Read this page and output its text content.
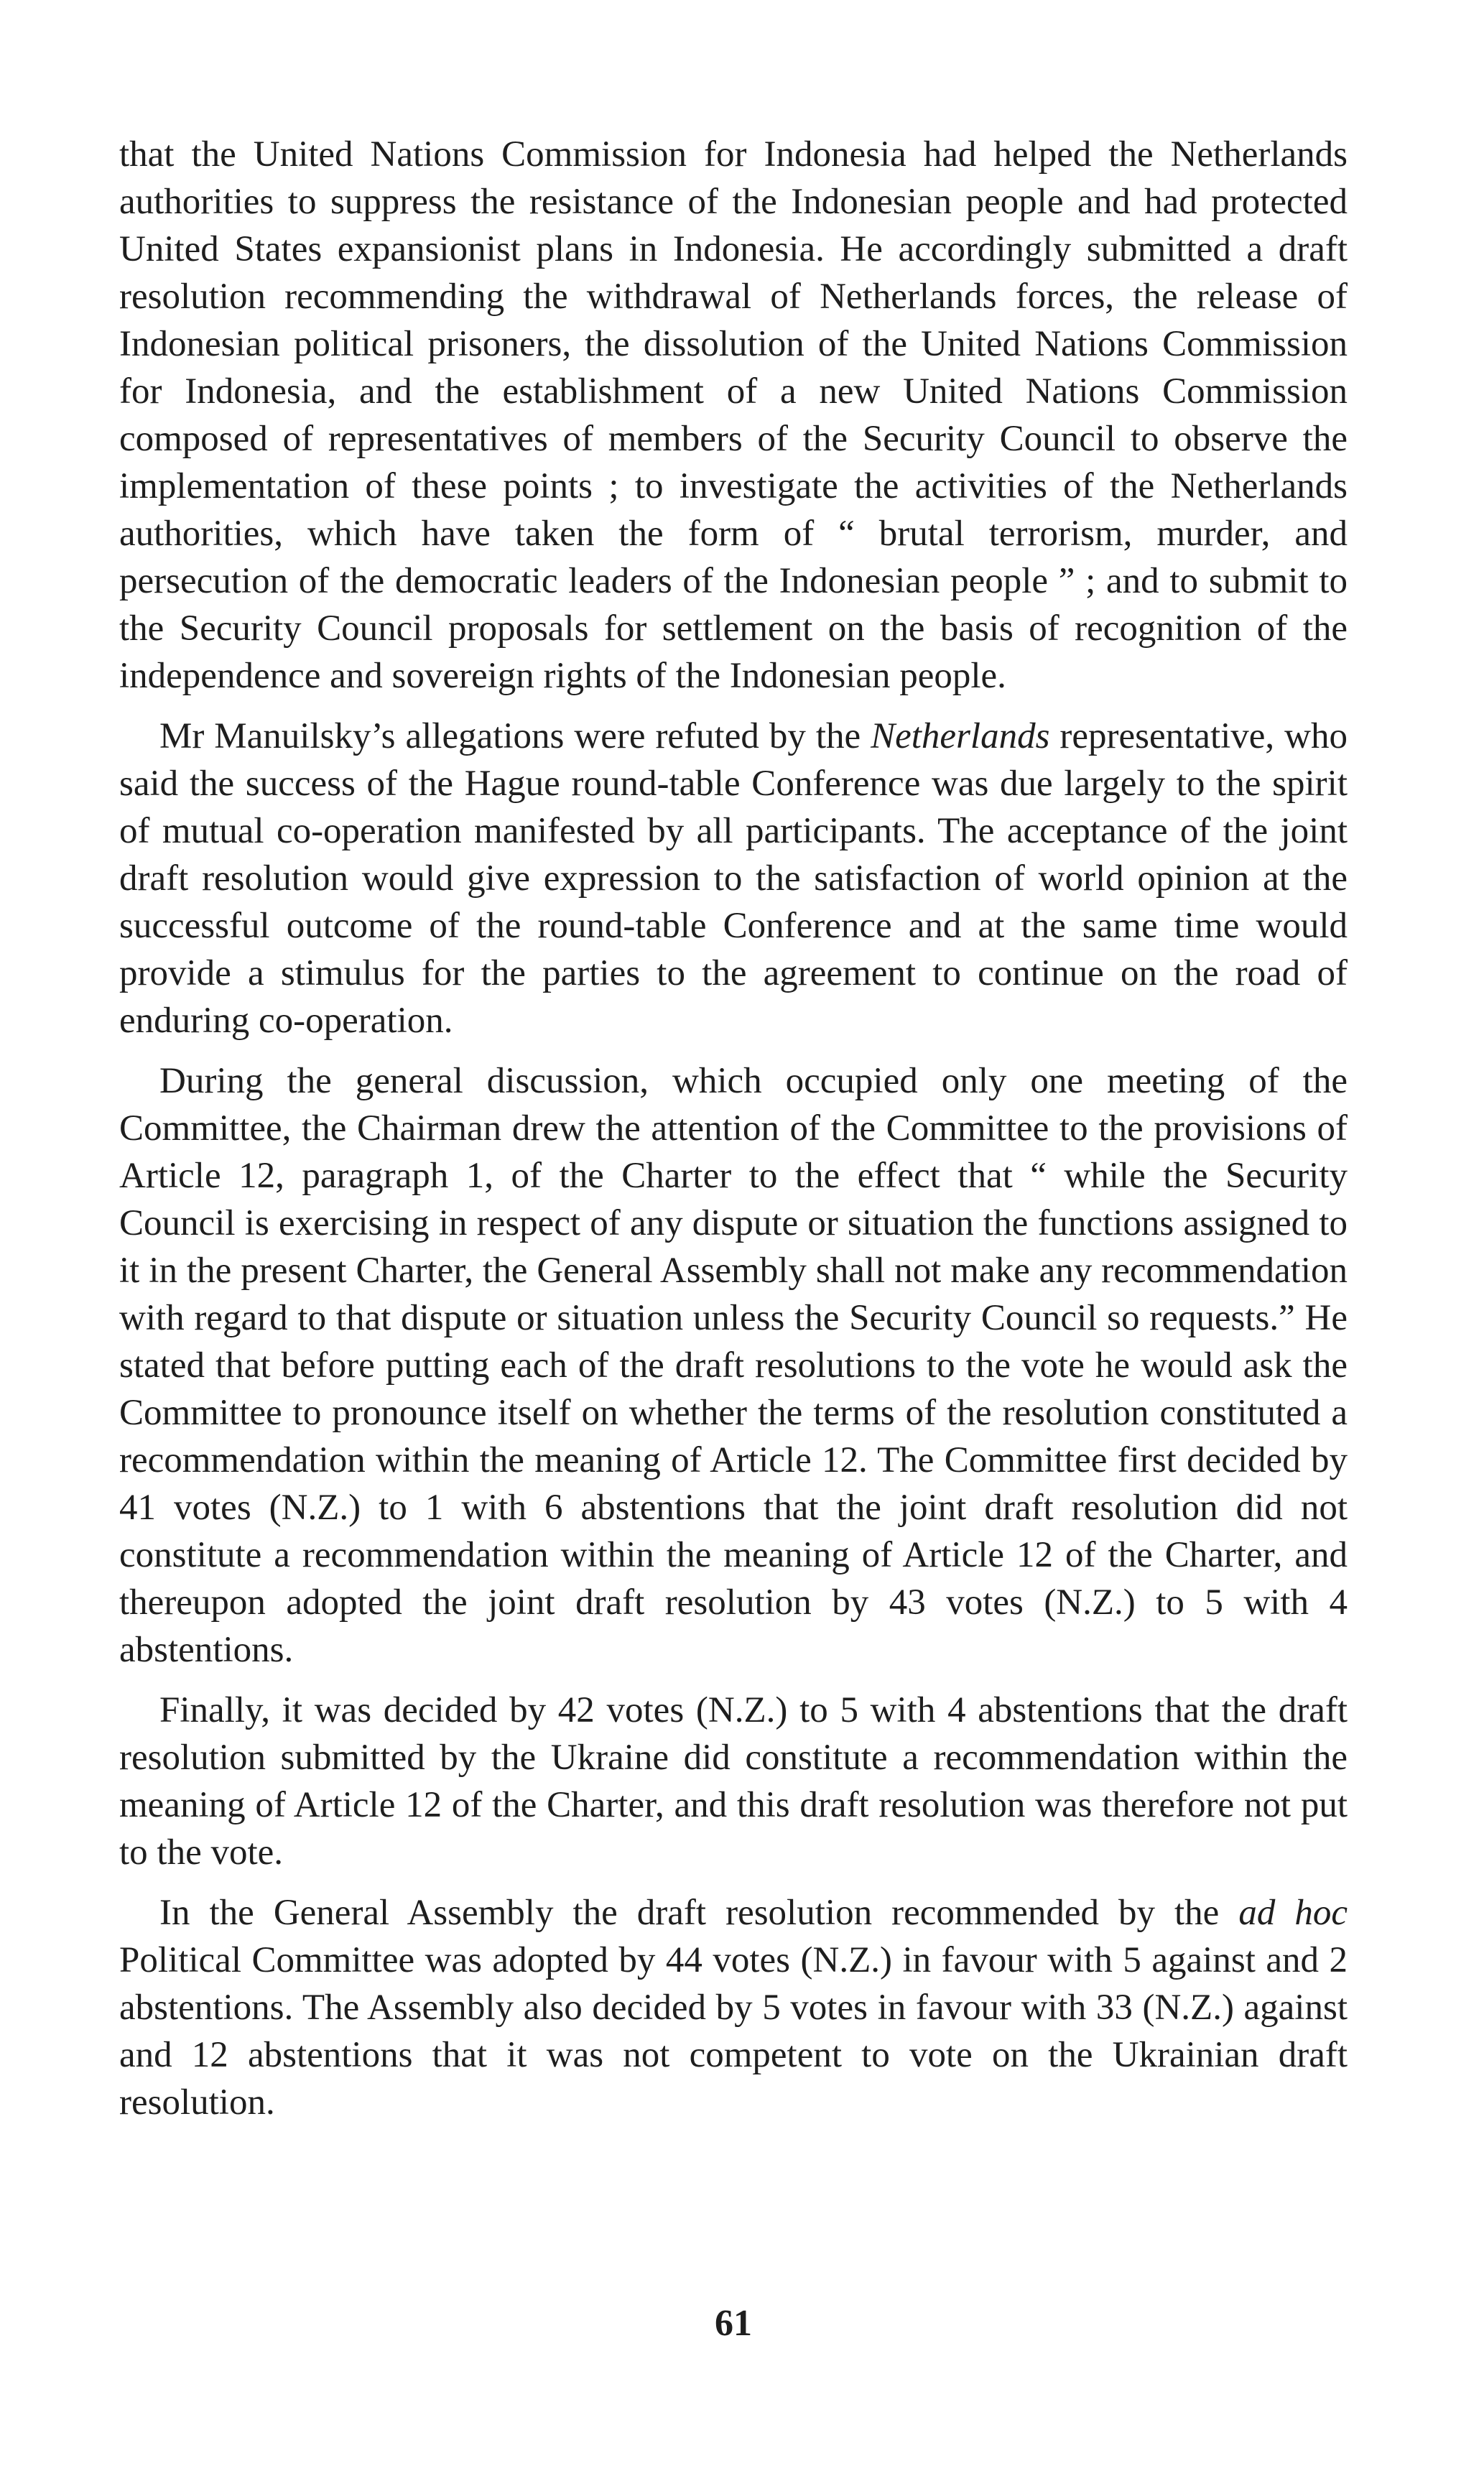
that the United Nations Commission for Indonesia had helped the Netherlands authorities to suppress the resistance of the Indonesian people and had protected United States expansionist plans in Indonesia. He accordingly submitted a draft resolution recommending the withdrawal of Netherlands forces, the release of Indonesian political prisoners, the dissolution of the United Nations Commission for Indonesia, and the establishment of a new United Nations Commission composed of representatives of members of the Security Council to observe the implementation of these points ; to investigate the activities of the Netherlands authorities, which have taken the form of “ brutal terrorism, murder, and persecution of the democratic leaders of the Indonesian people ” ; and to submit to the Security Council proposals for settlement on the basis of recognition of the independence and sovereign rights of the Indonesian people.

Mr Manuilsky’s allegations were refuted by the Netherlands representative, who said the success of the Hague round-table Conference was due largely to the spirit of mutual co-operation manifested by all participants. The acceptance of the joint draft resolution would give expression to the satisfaction of world opinion at the successful outcome of the round-table Conference and at the same time would provide a stimulus for the parties to the agreement to continue on the road of enduring co-operation.

During the general discussion, which occupied only one meeting of the Committee, the Chairman drew the attention of the Committee to the provisions of Article 12, paragraph 1, of the Charter to the effect that “ while the Security Council is exercising in respect of any dispute or situation the functions assigned to it in the present Charter, the General Assembly shall not make any recommendation with regard to that dispute or situation unless the Security Council so requests.” He stated that before putting each of the draft resolutions to the vote he would ask the Committee to pronounce itself on whether the terms of the resolution constituted a recommendation within the meaning of Article 12. The Committee first decided by 41 votes (N.Z.) to 1 with 6 abstentions that the joint draft resolution did not constitute a recommendation within the meaning of Article 12 of the Charter, and thereupon adopted the joint draft resolution by 43 votes (N.Z.) to 5 with 4 abstentions.

Finally, it was decided by 42 votes (N.Z.) to 5 with 4 abstentions that the draft resolution submitted by the Ukraine did constitute a recommendation within the meaning of Article 12 of the Charter, and this draft resolution was therefore not put to the vote.

In the General Assembly the draft resolution recommended by the ad hoc Political Committee was adopted by 44 votes (N.Z.) in favour with 5 against and 2 abstentions. The Assembly also decided by 5 votes in favour with 33 (N.Z.) against and 12 abstentions that it was not competent to vote on the Ukrainian draft resolution.

61
